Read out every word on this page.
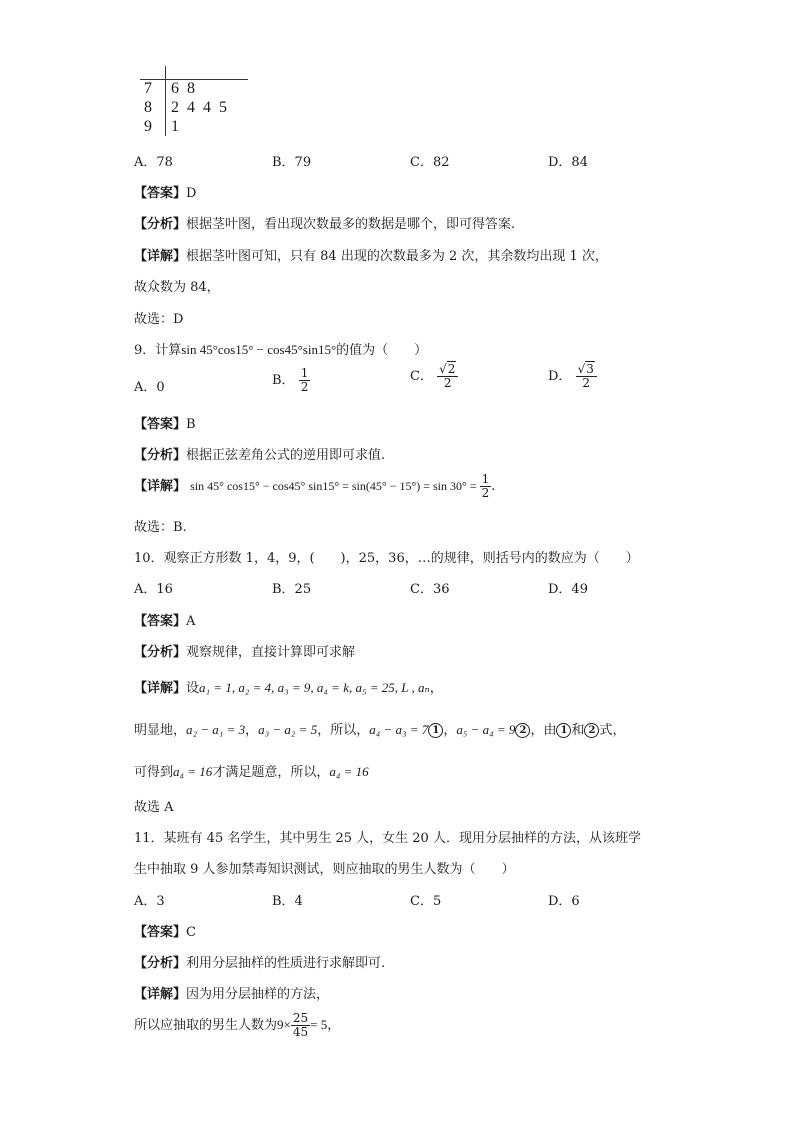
7 6  8
8 2  4  4  5
9 1
A．78	B．79	C．82	D．84
【答案】D
【分析】根据茎叶图，看出现次数最多的数据是哪个，即可得答案.
【详解】根据茎叶图可知，只有 84 出现的次数最多为 2 次，其余数均出现 1 次，
故众数为 84，
故选：D
9．计算sin 45°cos15° − cos45°sin15°的值为（　　）
A．0	B． $\frac{1}{2}$	C． $\frac{√2}{2}$	D． $\frac{√3}{2}$
【答案】B
【分析】根据正弦差角公式的逆用即可求值.
【详解】 sin 45° cos15° − cos45° $\sin 15^\circ = \sin(45^\circ - 15^\circ) = \sin 30^\circ = \frac{1}{2}$ .
故选：B.
10．观察正方形数 1，4，9，(　　)，25，36，…的规律，则括号内的数应为（　　）
A．16	B．25	C．36	D．49
【答案】A
【分析】观察规律，直接计算即可求解
【详解】设a₁ = 1, a₂ = 4, a₃ = 9, a₄ = k, a₅ = 25, L , aₙ，
明显地，a₂ − a₁ = 3，a₃ − a₂ = 5，所以，a₄ − a₃ = 7 1 ，a₅ − a₄ = 9 2 ，由 1 和 2 式，
可得到a₄ = 16才满足题意，所以，a₄ = 16
故选 A
11．某班有 45 名学生，其中男生 25 人，女生 20 人．现用分层抽样的方法，从该班学
生中抽取 9 人参加禁毒知识测试，则应抽取的男生人数为（　　）
A．3	B．4	C．5	D．6
【答案】C
【分析】利用分层抽样的性质进行求解即可.
【详解】因为用分层抽样的方法，
所以应抽取的男生人数为$9\times \frac{25}{45} = 5$，
